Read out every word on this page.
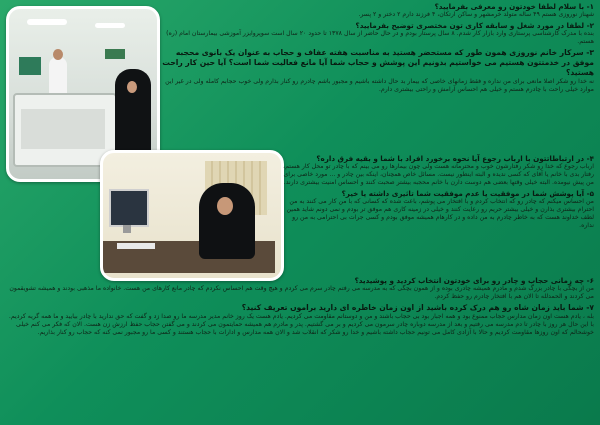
۱- با سلام لطفا خودتون رو معرفی بفرمایید؟

شهناز نوروزی هستم ۴۹ ساله متولد خرمشهر و ساکن ارتکان، ۴ فرزند دارم ۲ دختر و ۲ پسر.

۲- لطفا در مورد شغل و سابقه کاری تون مختصری توضیح بفرمایید؟

بنده با مدرک کارشناسی پرستاری وارد بازار کار شدم. ۸ سال پرستار بودم و در حال حاضر از سال ۱۳۷۸ تا حدود ۲۰ سال است سوپروایزر آموزشی بیمارستان امام (ره) هستم.

۳- سرکار خانم نوروزی همون طور که مستحضر هستید به مناسبت هفته عفاف و حجاب به عنوان یک بانوی محجبه موفق در خدمتتون هستیم می خواستیم بدونیم این پوشش و حجاب شما آیا مانع فعالیت شما است؟ آیا حین کار راحت هستید؟

نه خدا رو شکر اصلا مانعی برای من نداره و فقط زمانهای خاصی که بیمار بد حال داشته باشیم و مجبور باشم چادرم رو کنار بذارم ولی خوب حجابم کامله ولی در غیر این موارد خیلی راحت با چادرم هستم و خیلی هم احساس آرامش و راحتی بیشتری دارم.

۴- در ارتباطاتتون با ارباب رجوع آیا نحوه برخورد افراد با شما و بقیه فرق داره؟

ارباب رجوع که خدا رو شکر رفتارشون خوب و محترمانه هست ولی چون بیمارها رو می بینم که با چادر تو محل کار هستم، رفتار بدی با خانم یا آقای که کسی ندیده و البته اینطور نیست. مسائل خاص همچنان، اینکه بین چادر و ... مورد خاصی برای من پیش نیومده. البته خیلی وقتها بعضی هم دوست دارن با خانم محجبه بیشتر صحبت کنند و احساس امنیت بیشتری دارند.

۵- آیا پوشش شما در موفقیت یا عدم موفقیت شما تاثیری داشته یا خیر؟

من احساس میکنم که چادر رو که انتخاب کردم و با افتخار می پوشم، باعث شده که کسانی که با من کار می کنند به من احترام بیشتری بذارن و خیلی بیشتر حریم رو رعایت کنند و خیلی در زمینه کاری هم موفق تر بودم و نمی دونم شاید همین لطف خداوند هست که به خاطر چادرم به من داده و در کارهام همیشه موفق بودم و کسی جرات بی احترامی به من رو نداره.

۶- چه زمانی حجاب و چادر رو برای خودتون انتخاب کردید و پوشیدید؟

من از بچگی با چادر بزرگ شدم و مادرم همیشه چادری بوده و از همون بچگی که به مدرسه می رفتم چادر سرم می کردم و هیچ وقت هم احساس نکردم که چادر مانع کارهای من هست. خانواده ما مذهبی بودند و همیشه تشویقمون می کردند و الحمدلله تا الان هم با افتخار چادرم رو حفظ کردم.

۷- شما باید زمان شاه رو هم درک کرده باشید از اون زمان خاطره ای دارید براموں تعریف کنید؟

بله ، یادم هست اون زمان مدارس حجاب ممنوع بود و همه اجبار بود بی حجاب باشند و من و دوستانم مقاومت می کردیم. یادم هست یک روز خانم مدیر مدرسه ما رو صدا زد و گفت که حق ندارید با چادر بیایید و ما همه گریه کردیم. با این حال هر روز با چادر تا دم مدرسه می رفتیم و بعد از مدرسه دوباره چادر سرمون می کردیم و بر می گشتیم. پدر و مادرم هم همیشه حمایتمون می کردند و می گفتن حجاب حفظ ارزش زن هست. الان که فکر می کنم خیلی خوشحالم که اون روزها مقاومت کردیم و حالا با آزادی کامل می تونیم حجاب داشته باشیم و خدا رو شکر که انقلاب شد و الان همه مدارس و ادارات با حجاب هستند و کسی ما رو مجبور نمی کنه که حجاب رو کنار بذاریم.
